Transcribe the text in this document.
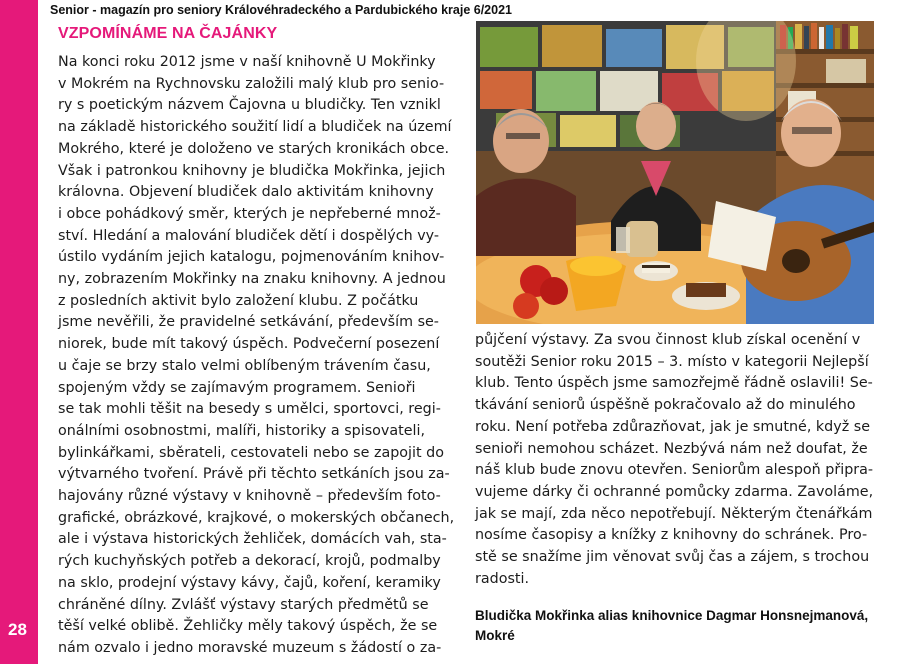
28
Senior - magazín pro seniory Královéhradeckého a Pardubického kraje 6/2021
VZPOMÍNÁME NA ČAJÁNKY
Na konci roku 2012 jsme v naší knihovně U Mokřinky
v Mokrém na Rychnovsku založili malý klub pro senio-
ry s poetickým názvem Čajovna u bludičky. Ten vznikl
na základě historického soužití lidí a bludiček na území
Mokrého, které je doloženo ve starých kronikách obce.
Však i patronkou knihovny je bludička Mokřinka, jejich
královna. Objevení bludiček dalo aktivitám knihovny
i obce pohádkový směr, kterých je nepřeberné množ-
ství. Hledání a malování bludiček dětí i dospělých vy-
ústilo vydáním jejich katalogu, pojmenováním knihov-
ny, zobrazením Mokřinky na znaku knihovny. A jednou
z posledních aktivit bylo založení klubu. Z počátku
jsme nevěřili, že pravidelné setkávání, především se-
niorek, bude mít takový úspěch. Podvečerní posezení
u čaje se brzy stalo velmi oblíbeným trávením času,
spojeným vždy se zajímavým programem. Senioři
se tak mohli těšit na besedy s umělci, sportovci, regi-
onálními osobnostmi, malíři, historiky a spisovateli,
bylinkářkami, sběrateli, cestovateli nebo se zapojit do
výtvarného tvoření. Právě při těchto setkáních jsou za-
hajovány různé výstavy v knihovně – především foto-
grafické, obrázkové, krajkové, o mokerských občanech,
ale i výstava historických žehliček, domácích vah, sta-
rých kuchyňských potřeb a dekorací, krojů, podmalby
na sklo, prodejní výstavy kávy, čajů, koření, keramiky
chráněné dílny. Zvlášť výstavy starých předmětů se
těší velké oblibě. Žehličky měly takový úspěch, že se
nám ozvalo i jedno moravské muzeum s žádostí o za-
půjčení výstavy. Za svou činnost klub získal ocenění v
soutěži Senior roku 2015 – 3. místo v kategorii Nejlepší
klub. Tento úspěch jsme samozřejmě řádně oslavili! Se-
tkávání seniorů úspěšně pokračovalo až do minulého
roku. Není potřeba zdůrazňovat, jak je smutné, když se
senioři nemohou scházet. Nezbývá nám než doufat, že
náš klub bude znovu otevřen. Seniorům alespoň připra-
vujeme dárky či ochranné pomůcky zdarma. Zavoláme,
jak se mají, zda něco nepotřebují. Některým čtenářkám
nosíme časopisy a knížky z knihovny do schránek. Pro-
stě se snažíme jim věnovat svůj čas a zájem, s trochou
radosti.
Bludička Mokřinka alias knihovnice Dagmar Honsnejmanová,
Mokré
